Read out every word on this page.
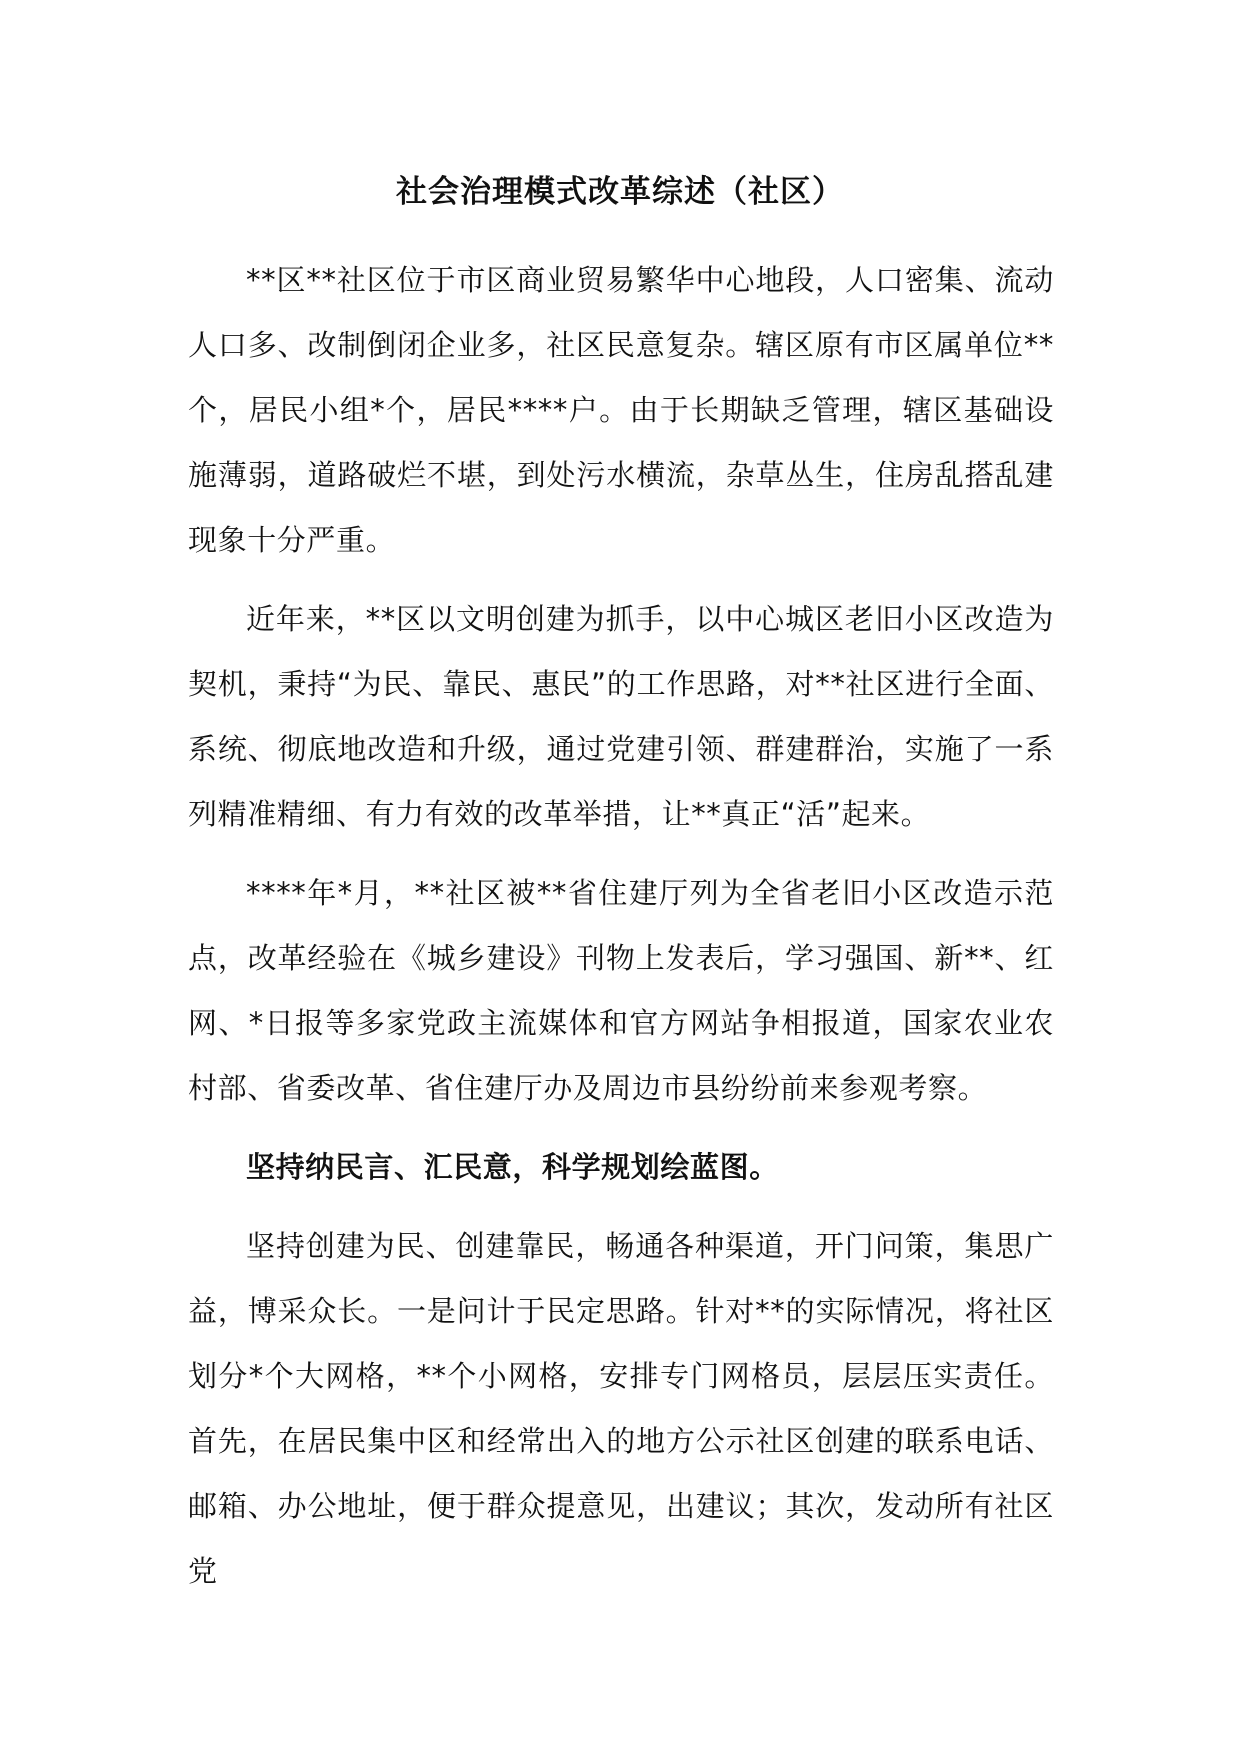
社会治理模式改革综述（社区）

**区**社区位于市区商业贸易繁华中心地段，人口密集、流动人口多、改制倒闭企业多，社区民意复杂。辖区原有市区属单位**个，居民小组*个，居民****户。由于长期缺乏管理，辖区基础设施薄弱，道路破烂不堪，到处污水横流，杂草丛生，住房乱搭乱建现象十分严重。

近年来，**区以文明创建为抓手，以中心城区老旧小区改造为契机，秉持“为民、靠民、惠民”的工作思路，对**社区进行全面、系统、彻底地改造和升级，通过党建引领、群建群治，实施了一系列精准精细、有力有效的改革举措，让**真正“活”起来。

****年*月，**社区被**省住建厅列为全省老旧小区改造示范点，改革经验在《城乡建设》刊物上发表后，学习强国、新**、红网、*日报等多家党政主流媒体和官方网站争相报道，国家农业农村部、省委改革、省住建厅办及周边市县纷纷前来参观考察。

坚持纳民言、汇民意，科学规划绘蓝图。

坚持创建为民、创建靠民，畅通各种渠道，开门问策，集思广益，博采众长。一是问计于民定思路。针对**的实际情况，将社区划分*个大网格，**个小网格，安排专门网格员，层层压实责任。首先，在居民集中区和经常出入的地方公示社区创建的联系电话、邮箱、办公地址，便于群众提意见，出建议；其次，发动所有社区党
